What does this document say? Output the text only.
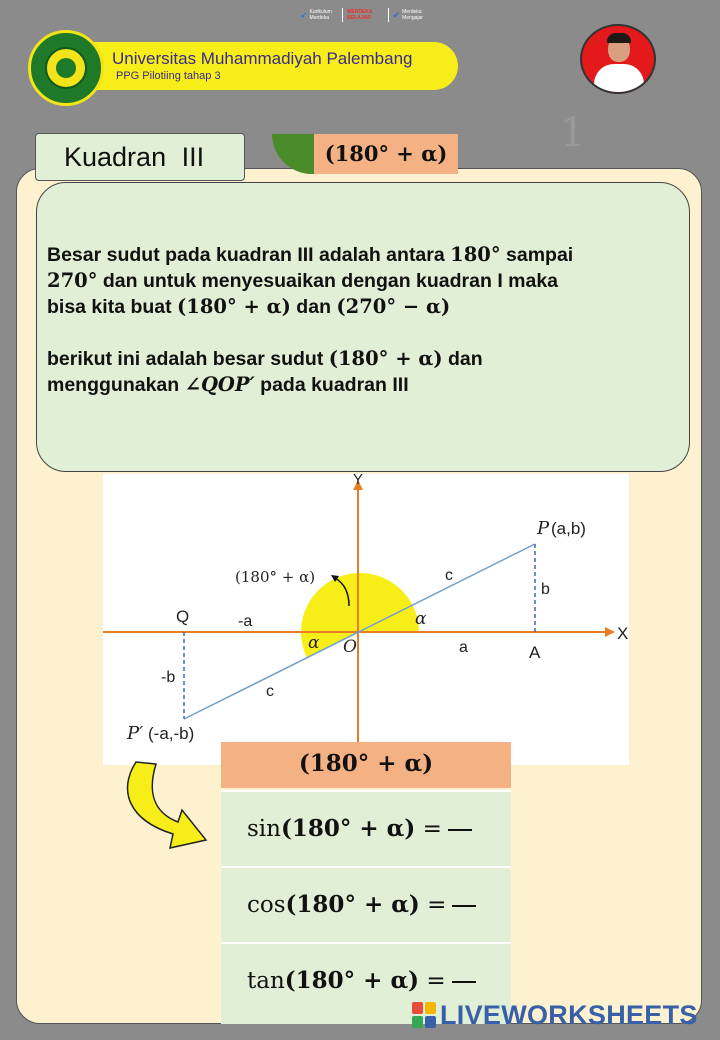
1
➶ Kurikulum Merdeka
MERDEKA BELAJAR	✔ Merdeka Mengajar
Universitas Muhammadiyah Palembang
PPG Pilotiing tahap 3
Kuadran III	(180° + α)
Besar sudut pada kuadran III adalah antara 180° sampai
270° dan untuk menyesuaikan dengan kuadran I maka
bisa kita buat (180° + α) dan (270° − α)
berikut ini adalah besar sudut (180° + α) dan
menggunakan ∠QOP′ pada kuadran III
Y
X
P (a,b)
c
b
α
α O	a	A
Q	-a
-b
c
P′ (-a,-b)
(180° + α)
(180° + α)
sin(180° + α) =
cos(180° + α) =
tan(180° + α) =
LIVEWORKSHEETS
